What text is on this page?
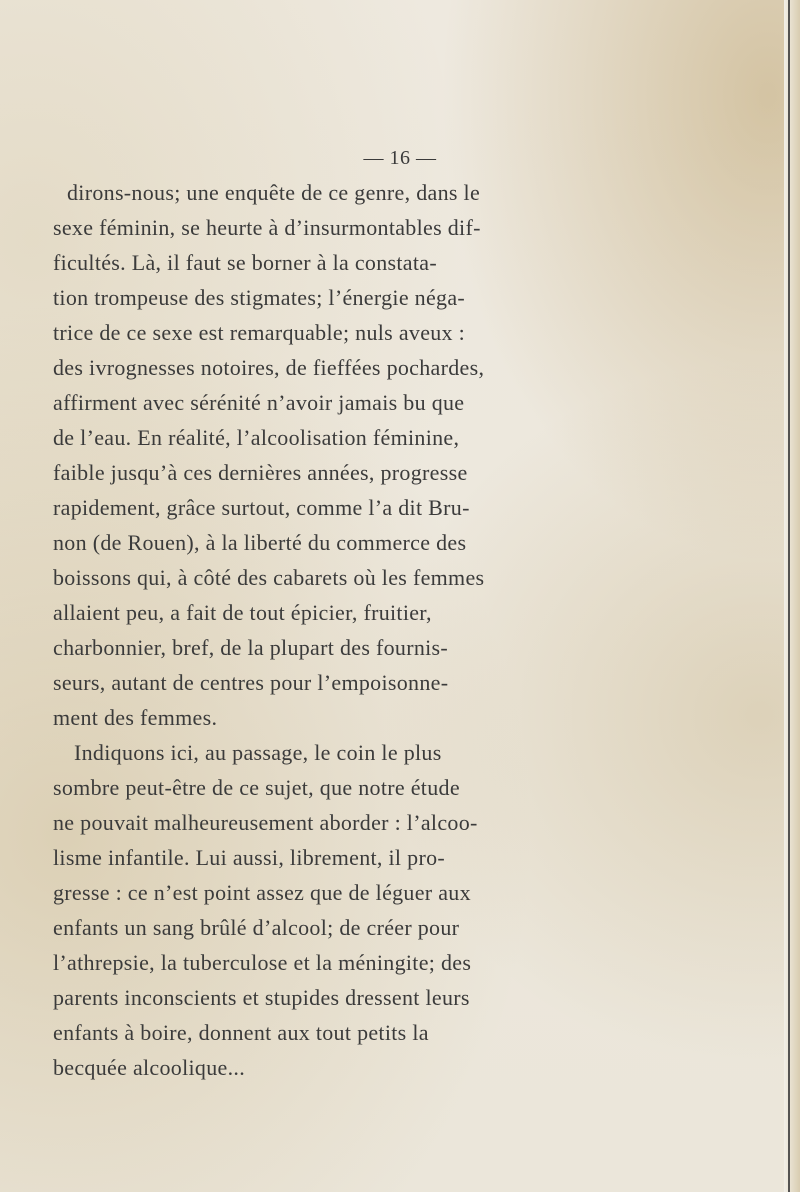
— 16 —
dirons-nous; une enquête de ce genre, dans le
sexe féminin, se heurte à d’insurmontables dif-
ficultés. Là, il faut se borner à la constata-
tion trompeuse des stigmates; l’énergie néga-
trice de ce sexe est remarquable; nuls aveux :
des ivrognesses notoires, de fieffées pochardes,
affirment avec sérénité n’avoir jamais bu que
de l’eau. En réalité, l’alcoolisation féminine,
faible jusqu’à ces dernières années, progresse
rapidement, grâce surtout, comme l’a dit Bru-
non (de Rouen), à la liberté du commerce des
boissons qui, à côté des cabarets où les femmes
allaient peu, a fait de tout épicier, fruitier,
charbonnier, bref, de la plupart des fournis-
seurs, autant de centres pour l’empoisonne-
ment des femmes.
Indiquons ici, au passage, le coin le plus
sombre peut-être de ce sujet, que notre étude
ne pouvait malheureusement aborder : l’alcoo-
lisme infantile. Lui aussi, librement, il pro-
gresse : ce n’est point assez que de léguer aux
enfants un sang brûlé d’alcool; de créer pour
l’athrepsie, la tuberculose et la méningite; des
parents inconscients et stupides dressent leurs
enfants à boire, donnent aux tout petits la
becquée alcoolique...
